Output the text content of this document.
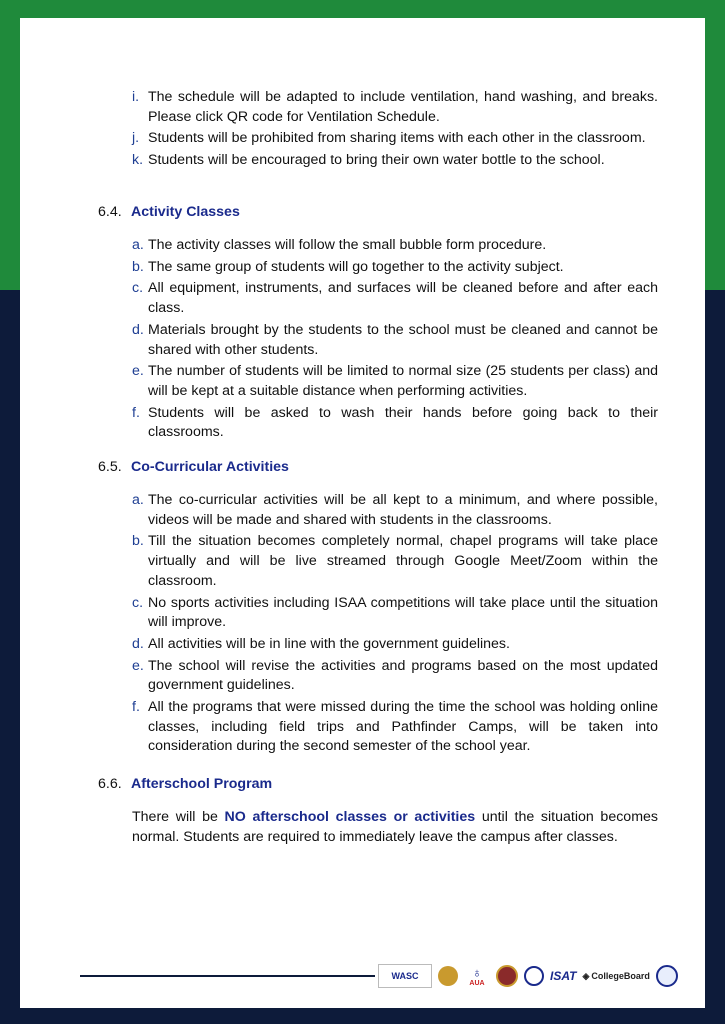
i. The schedule will be adapted to include ventilation, hand washing, and breaks. Please click QR code for Ventilation Schedule.
j. Students will be prohibited from sharing items with each other in the classroom.
k. Students will be encouraged to bring their own water bottle to the school.
6.4. Activity Classes
a. The activity classes will follow the small bubble form procedure.
b. The same group of students will go together to the activity subject.
c. All equipment, instruments, and surfaces will be cleaned before and after each class.
d. Materials brought by the students to the school must be cleaned and cannot be shared with other students.
e. The number of students will be limited to normal size (25 students per class) and will be kept at a suitable distance when performing activities.
f. Students will be asked to wash their hands before going back to their classrooms.
6.5. Co-Curricular Activities
a. The co-curricular activities will be all kept to a minimum, and where possible, videos will be made and shared with students in the classrooms.
b. Till the situation becomes completely normal, chapel programs will take place virtually and will be live streamed through Google Meet/Zoom within the classroom.
c. No sports activities including ISAA competitions will take place until the situation will improve.
d. All activities will be in line with the government guidelines.
e. The school will revise the activities and programs based on the most updated government guidelines.
f. All the programs that were missed during the time the school was holding online classes, including field trips and Pathfinder Camps, will be taken into consideration during the second semester of the school year.
6.6. Afterschool Program
There will be NO afterschool classes or activities until the situation becomes normal. Students are required to immediately leave the campus after classes.
WASC	♁
AUA
ISAT ◈ CollegeBoard
